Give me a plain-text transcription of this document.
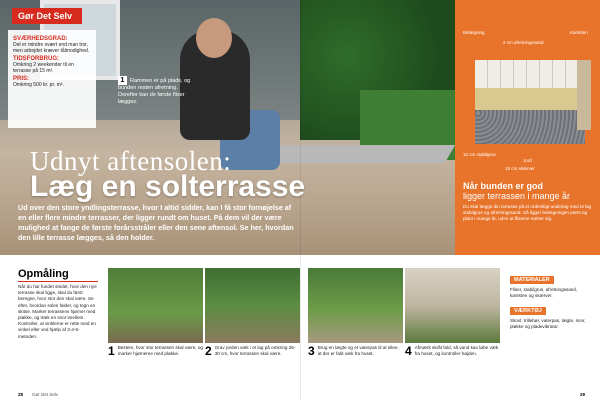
Gør Det Selv
SVÆRHEDSGRAD:
Det er mindre svært end man tror, men arbejdet kræver tålmodighed.
TIDSFORBRUG:
Omkring 2 weekender til en terrasse på 15 m².
PRIS:
Omkring 500 kr. pr. m².
1 Rammen er på plads, og bunden resten afretning. Derefter kan de første fliser lægges.
Udnyt aftensolen:
Læg en solterrasse
Ud over den store yndlingsterrasse, hvor I altid sidder, kan I få stor fornøjelse af en eller flere mindre terrasser, der ligger rundt om huset. På dem vil der være mulighed at fange de første forårsstråler eller den sene aftensol. Se her, hvordan den lille terrasse lægges, så den holder.
Belægning
2 cm afretningssand
Kantsten
10 cm stabilgrus
Jord
15 cm skærver
Når bunden er god
ligger terrassen i mange år
Du skal lægge din terrasse på et ordentligt underlag med et lag stabilgrus og afretningssand. Så ligger belægningen pænt og plant i mange år, uden at fliserne sætter sig.
Opmåling
Når du har fundet stedet, hvor den nye terrasse skal ligge, skal du først beregne, hvor stor den skal være. Se efter, hvordan solen falder, og tegn en skitse. Marker terrassens hjørner med pløkke, og træk en snor imellem. Kontroller, at vinklerne er rette med en vinkel eller ved hjælp af 3-4-5-metoden.
1 Bestem, hvor stor terrassen skal være, og marker hjørnerne med pløkke.	2 Grav jorden væk i et lag på omkring 25-30 cm, hvor terrassen skal være.	3 Brug en lægte og et vaterpas til at sikre, at der er fald væk fra huset.	4 Afmærk skråt fald, så vand kan løbe væk fra huset, og kontroller højden.
MATERIALER
Fliser, stabilgrus, afretningssand, kantsten og skærver.
VÆRKTØJ
Skovl, trillebør, vaterpas, lægte, snor, pløkke og pladevibrator.
28 Gør Det Selv	29
